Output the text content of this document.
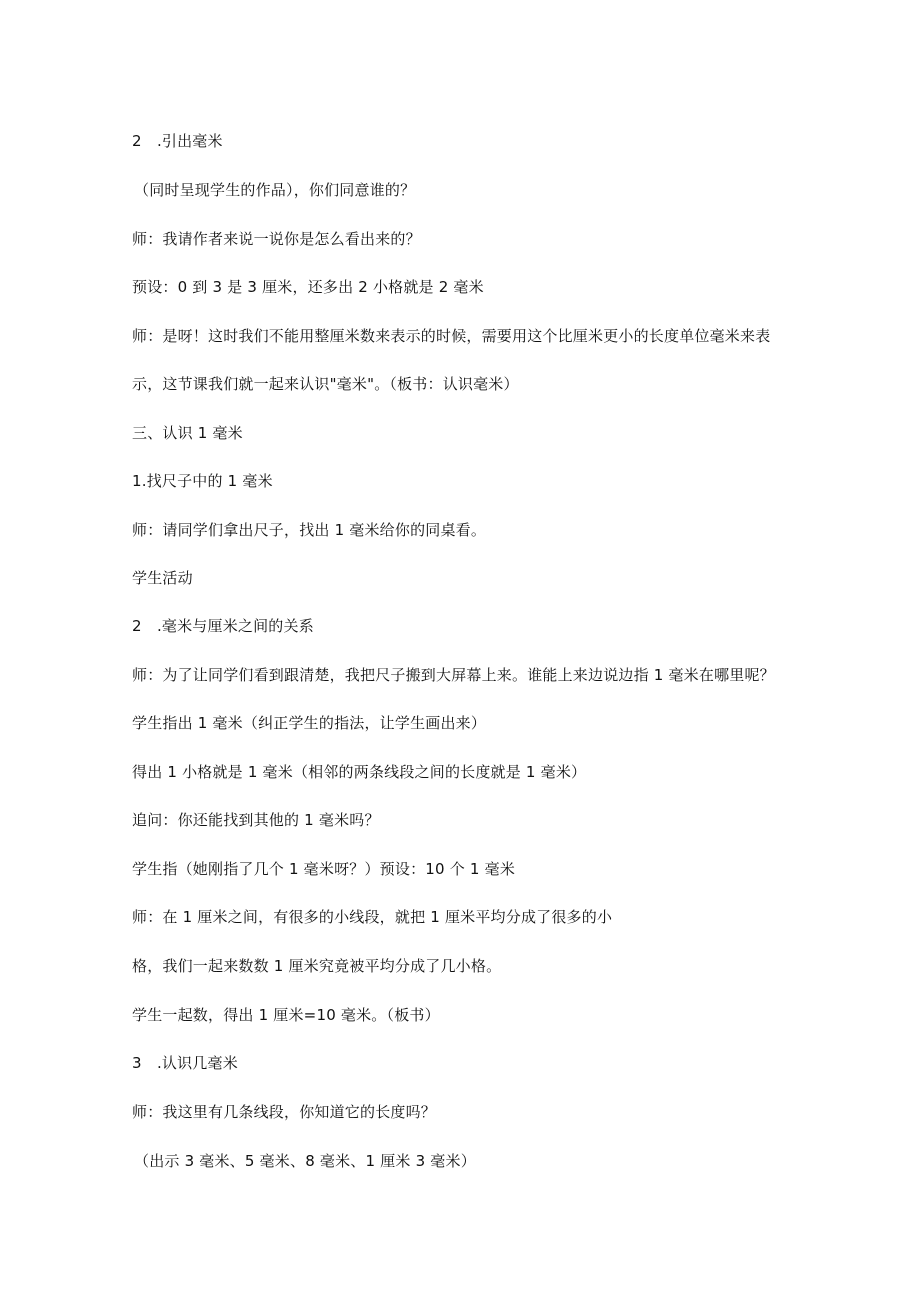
2　.引出毫米
（同时呈现学生的作品），你们同意谁的？
师：我请作者来说一说你是怎么看出来的？
预设：0 到 3 是 3 厘米，还多出 2 小格就是 2 毫米
师：是呀！这时我们不能用整厘米数来表示的时候，需要用这个比厘米更小的长度单位毫米来表
示，这节课我们就一起来认识"毫米"。（板书：认识毫米）
三、认识 1 毫米
1.找尺子中的 1 毫米
师：请同学们拿出尺子，找出 1 毫米给你的同桌看。
学生活动
2　.毫米与厘米之间的关系
师：为了让同学们看到跟清楚，我把尺子搬到大屏幕上来。谁能上来边说边指 1 毫米在哪里呢？
学生指出 1 毫米（纠正学生的指法，让学生画出来）
得出 1 小格就是 1 毫米（相邻的两条线段之间的长度就是 1 毫米）
追问：你还能找到其他的 1 毫米吗？
学生指（她刚指了几个 1 毫米呀？）预设：10 个 1 毫米
师：在 1 厘米之间，有很多的小线段，就把 1 厘米平均分成了很多的小
格，我们一起来数数 1 厘米究竟被平均分成了几小格。
学生一起数，得出 1 厘米=10 毫米。（板书）
3　.认识几毫米
师：我这里有几条线段，你知道它的长度吗？
（出示 3 毫米、5 毫米、8 毫米、1 厘米 3 毫米）
